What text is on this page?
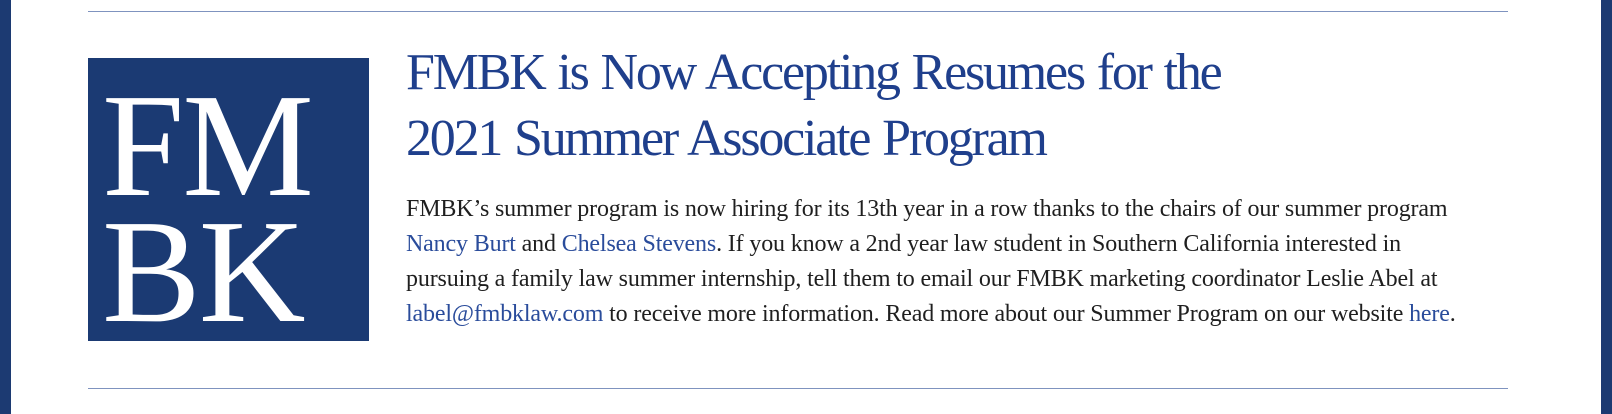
FM
BK
FMBK is Now Accepting Resumes for the
2021 Summer Associate Program

FMBK’s summer program is now hiring for its 13th year in a row thanks to the chairs of our summer program Nancy Burt and Chelsea Stevens. If you know a 2nd year law student in Southern California interested in pursuing a family law summer internship, tell them to email our FMBK marketing coordinator Leslie Abel at label@fmbklaw.com to receive more information. Read more about our Summer Program on our website here.
